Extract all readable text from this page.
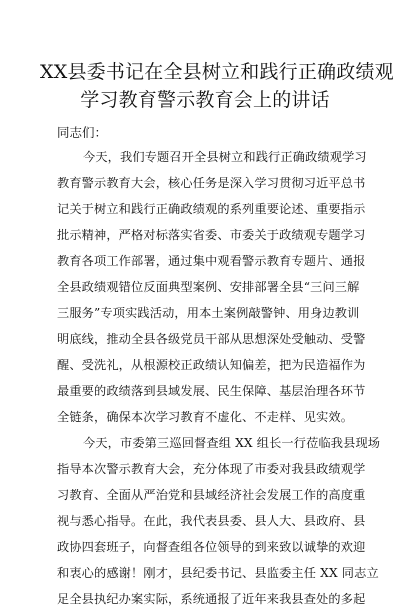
XX县委书记在全县树立和践行正确政绩观
学习教育警示教育会上的讲话
同志们：
今天，我们专题召开全县树立和践行正确政绩观学习
教育警示教育大会，核心任务是深入学习贯彻习近平总书
记关于树立和践行正确政绩观的系列重要论述、重要指示
批示精神，严格对标落实省委、市委关于政绩观专题学习
教育各项工作部署，通过集中观看警示教育专题片、通报
全县政绩观错位反面典型案例、安排部署全县“三问三解
三服务”专项实践活动，用本土案例敲警钟、用身边教训
明底线，推动全县各级党员干部从思想深处受触动、受警
醒、受洗礼，从根源校正政绩认知偏差，把为民造福作为
最重要的政绩落到县域发展、民生保障、基层治理各环节
全链条，确保本次学习教育不虚化、不走样、见实效。
今天，市委第三巡回督查组 XX 组长一行莅临我县现场
指导本次警示教育大会，充分体现了市委对我县政绩观学
习教育、全面从严治党和县域经济社会发展工作的高度重
视与悉心指导。在此，我代表县委、县人大、县政府、县
政协四套班子，向督查组各位领导的到来致以诚挚的欢迎
和衷心的感谢！刚才，县纪委书记、县监委主任 XX 同志立
足全县执纪办案实际，系统通报了近年来我县查处的多起
